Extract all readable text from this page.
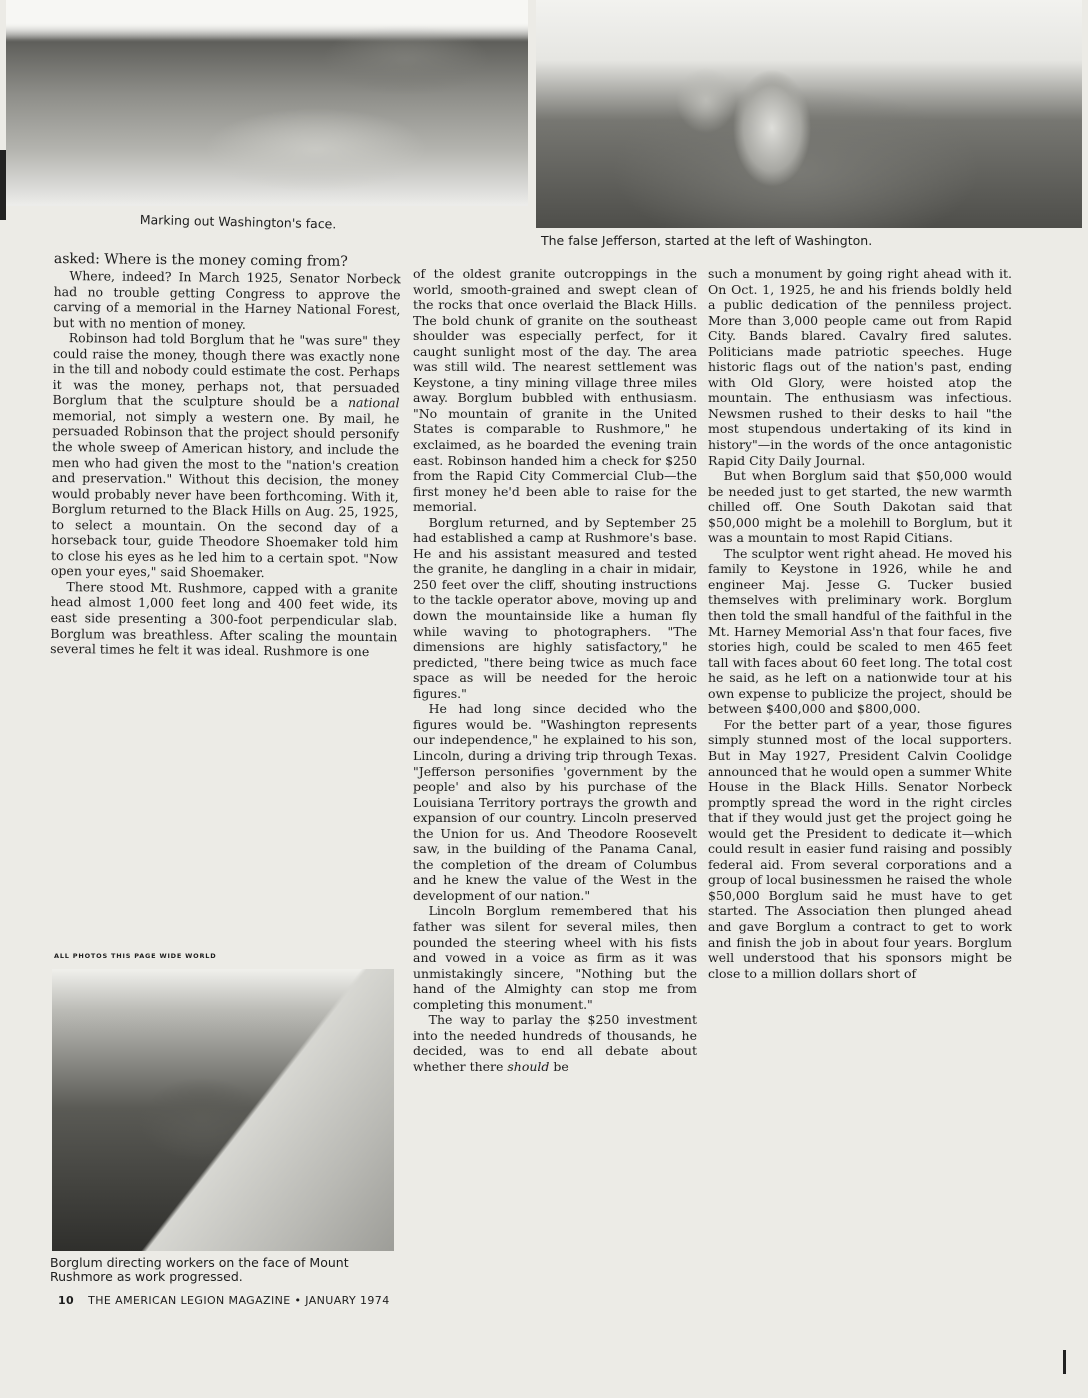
Marking out Washington's face.

The false Jefferson, started at the left of Washington.

asked: Where is the money coming from?

Where, indeed? In March 1925, Senator Norbeck had no trouble getting Congress to approve the carving of a memorial in the Harney National Forest, but with no mention of money.

Robinson had told Borglum that he "was sure" they could raise the money, though there was exactly none in the till and nobody could estimate the cost. Perhaps it was the money, perhaps not, that persuaded Borglum that the sculpture should be a national memorial, not simply a western one. By mail, he persuaded Robinson that the project should personify the whole sweep of American history, and include the men who had given the most to the "nation's creation and preservation." Without this decision, the money would probably never have been forthcoming. With it, Borglum returned to the Black Hills on Aug. 25, 1925, to select a mountain. On the second day of a horseback tour, guide Theodore Shoemaker told him to close his eyes as he led him to a certain spot. "Now open your eyes," said Shoemaker.

There stood Mt. Rushmore, capped with a granite head almost 1,000 feet long and 400 feet wide, its east side presenting a 300-foot perpendicular slab. Borglum was breathless. After scaling the mountain several times he felt it was ideal. Rushmore is one

ALL PHOTOS THIS PAGE WIDE WORLD

Borglum directing workers on the face of Mount Rushmore as work progressed.

of the oldest granite outcroppings in the world, smooth-grained and swept clean of the rocks that once overlaid the Black Hills. The bold chunk of granite on the southeast shoulder was especially perfect, for it caught sunlight most of the day. The area was still wild. The nearest settlement was Keystone, a tiny mining village three miles away. Borglum bubbled with enthusiasm. "No mountain of granite in the United States is comparable to Rushmore," he exclaimed, as he boarded the evening train east. Robinson handed him a check for $250 from the Rapid City Commercial Club—the first money he'd been able to raise for the memorial.

Borglum returned, and by September 25 had established a camp at Rushmore's base. He and his assistant measured and tested the granite, he dangling in a chair in midair, 250 feet over the cliff, shouting instructions to the tackle operator above, moving up and down the mountainside like a human fly while waving to photographers. "The dimensions are highly satisfactory," he predicted, "there being twice as much face space as will be needed for the heroic figures."

He had long since decided who the figures would be. "Washington represents our independence," he explained to his son, Lincoln, during a driving trip through Texas. "Jefferson personifies 'government by the people' and also by his purchase of the Louisiana Territory portrays the growth and expansion of our country. Lincoln preserved the Union for us. And Theodore Roosevelt saw, in the building of the Panama Canal, the completion of the dream of Columbus and he knew the value of the West in the development of our nation."

Lincoln Borglum remembered that his father was silent for several miles, then pounded the steering wheel with his fists and vowed in a voice as firm as it was unmistakingly sincere, "Nothing but the hand of the Almighty can stop me from completing this monument."

The way to parlay the $250 investment into the needed hundreds of thousands, he decided, was to end all debate about whether there should be

such a monument by going right ahead with it. On Oct. 1, 1925, he and his friends boldly held a public dedication of the penniless project. More than 3,000 people came out from Rapid City. Bands blared. Cavalry fired salutes. Politicians made patriotic speeches. Huge historic flags out of the nation's past, ending with Old Glory, were hoisted atop the mountain. The enthusiasm was infectious. Newsmen rushed to their desks to hail "the most stupendous undertaking of its kind in history"—in the words of the once antagonistic Rapid City Daily Journal.

But when Borglum said that $50,000 would be needed just to get started, the new warmth chilled off. One South Dakotan said that $50,000 might be a molehill to Borglum, but it was a mountain to most Rapid Citians.

The sculptor went right ahead. He moved his family to Keystone in 1926, while he and engineer Maj. Jesse G. Tucker busied themselves with preliminary work. Borglum then told the small handful of the faithful in the Mt. Harney Memorial Ass'n that four faces, five stories high, could be scaled to men 465 feet tall with faces about 60 feet long. The total cost he said, as he left on a nationwide tour at his own expense to publicize the project, should be between $400,000 and $800,000.

For the better part of a year, those figures simply stunned most of the local supporters. But in May 1927, President Calvin Coolidge announced that he would open a summer White House in the Black Hills. Senator Norbeck promptly spread the word in the right circles that if they would just get the project going he would get the President to dedicate it—which could result in easier fund raising and possibly federal aid. From several corporations and a group of local businessmen he raised the whole $50,000 Borglum said he must have to get started. The Association then plunged ahead and gave Borglum a contract to get to work and finish the job in about four years. Borglum well understood that his sponsors might be close to a million dollars short of

10 THE AMERICAN LEGION MAGAZINE • JANUARY 1974
